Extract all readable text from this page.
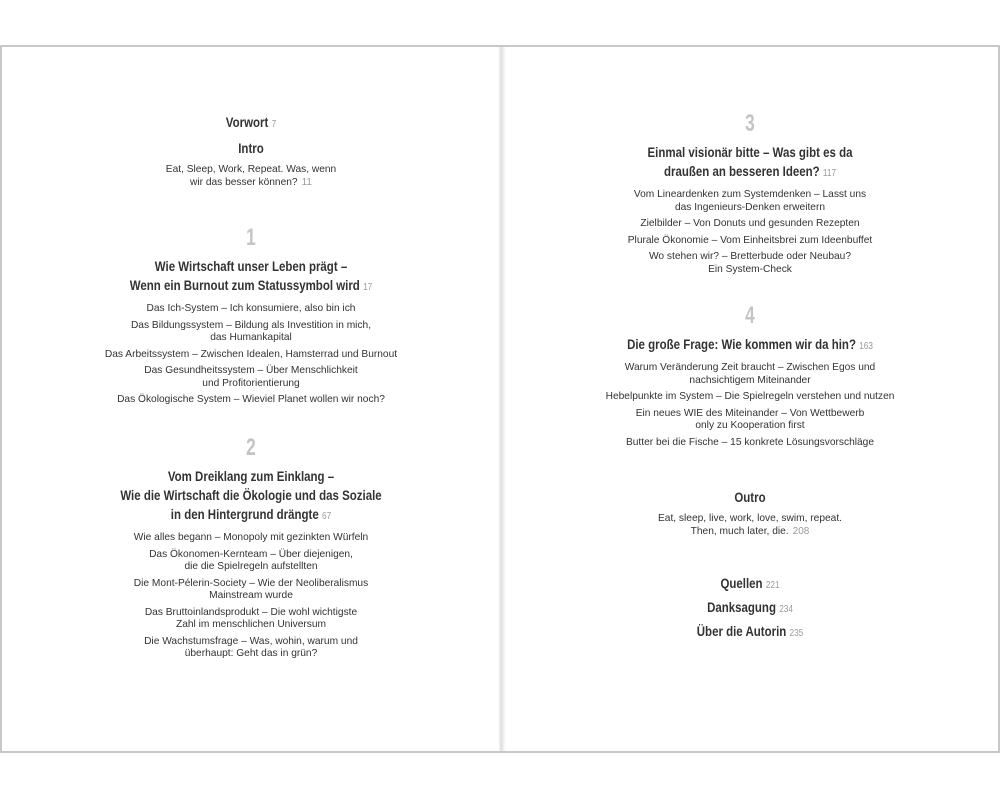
Vorwort 7
Intro
Eat, Sleep, Work, Repeat. Was, wenn
wir das besser können? 11
1
Wie Wirtschaft unser Leben prägt –
Wenn ein Burnout zum Statussymbol wird 17
Das Ich-System – Ich konsumiere, also bin ich
Das Bildungssystem – Bildung als Investition in mich,
das Humankapital
Das Arbeitssystem – Zwischen Idealen, Hamsterrad und Burnout
Das Gesundheitssystem – Über Menschlichkeit
und Profitorientierung
Das Ökologische System – Wieviel Planet wollen wir noch?
2
Vom Dreiklang zum Einklang –
Wie die Wirtschaft die Ökologie und das Soziale
in den Hintergrund drängte 67
Wie alles begann – Monopoly mit gezinkten Würfeln
Das Ökonomen-Kernteam – Über diejenigen,
die die Spielregeln aufstellten
Die Mont-Pélerin-Society – Wie der Neoliberalismus
Mainstream wurde
Das Bruttoinlandsprodukt – Die wohl wichtigste
Zahl im menschlichen Universum
Die Wachstumsfrage – Was, wohin, warum und
überhaupt: Geht das in grün?
3
Einmal visionär bitte – Was gibt es da
draußen an besseren Ideen? 117
Vom Lineardenken zum Systemdenken – Lasst uns
das Ingenieurs-Denken erweitern
Zielbilder – Von Donuts und gesunden Rezepten
Plurale Ökonomie – Vom Einheitsbrei zum Ideenbuffet
Wo stehen wir? – Bretterbude oder Neubau?
Ein System-Check
4
Die große Frage: Wie kommen wir da hin? 163
Warum Veränderung Zeit braucht – Zwischen Egos und
nachsichtigem Miteinander
Hebelpunkte im System – Die Spielregeln verstehen und nutzen
Ein neues WIE des Miteinander – Von Wettbewerb
only zu Kooperation first
Butter bei die Fische – 15 konkrete Lösungsvorschläge
Outro
Eat, sleep, live, work, love, swim, repeat.
Then, much later, die. 208
Quellen 221
Danksagung 234
Über die Autorin 235
